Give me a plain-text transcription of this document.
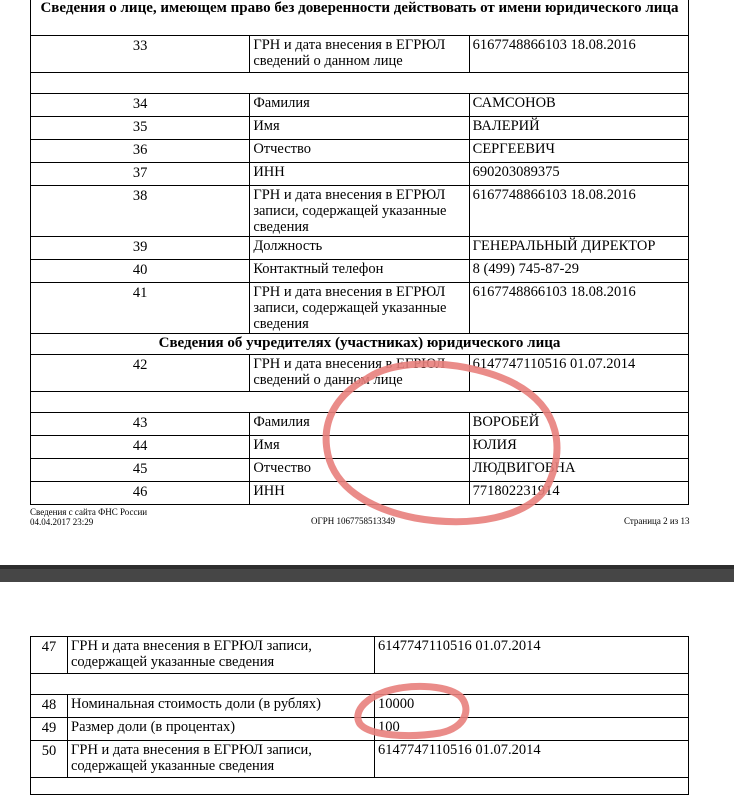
Сведения о лице, имеющем право без доверенности действовать от имени юридического лица		
33	ГРН и дата внесения в ЕГРЮЛ сведений о данном лице	6167748866103 18.08.2016

34	Фамилия	САМСОНОВ
35	Имя	ВАЛЕРИЙ
36	Отчество	СЕРГЕЕВИЧ
37	ИНН	690203089375
38	ГРН и дата внесения в ЕГРЮЛ записи, содержащей указанные сведения	6167748866103 18.08.2016
39	Должность	ГЕНЕРАЛЬНЫЙ ДИРЕКТОР
40	Контактный телефон	8 (499) 745-87-29
41	ГРН и дата внесения в ЕГРЮЛ записи, содержащей указанные сведения	6167748866103 18.08.2016
Сведения об учредителях (участниках) юридического лица		
42	ГРН и дата внесения в ЕГРЮЛ сведений о данном лице	6147747110516 01.07.2014

43	Фамилия	ВОРОБЕЙ
44	Имя	ЮЛИЯ
45	Отчество	ЛЮДВИГОВНА
46	ИНН	771802231914
Сведения с сайта ФНС России
04.04.2017 23:29	ОГРН 1067758513349	Страница 2 из 13
47	ГРН и дата внесения в ЕГРЮЛ записи, содержащей указанные сведения	6147747110516 01.07.2014

48	Номинальная стоимость доли (в рублях)	10000
49	Размер доли (в процентах)	100
50	ГРН и дата внесения в ЕГРЮЛ записи, содержащей указанные сведения	6147747110516 01.07.2014
